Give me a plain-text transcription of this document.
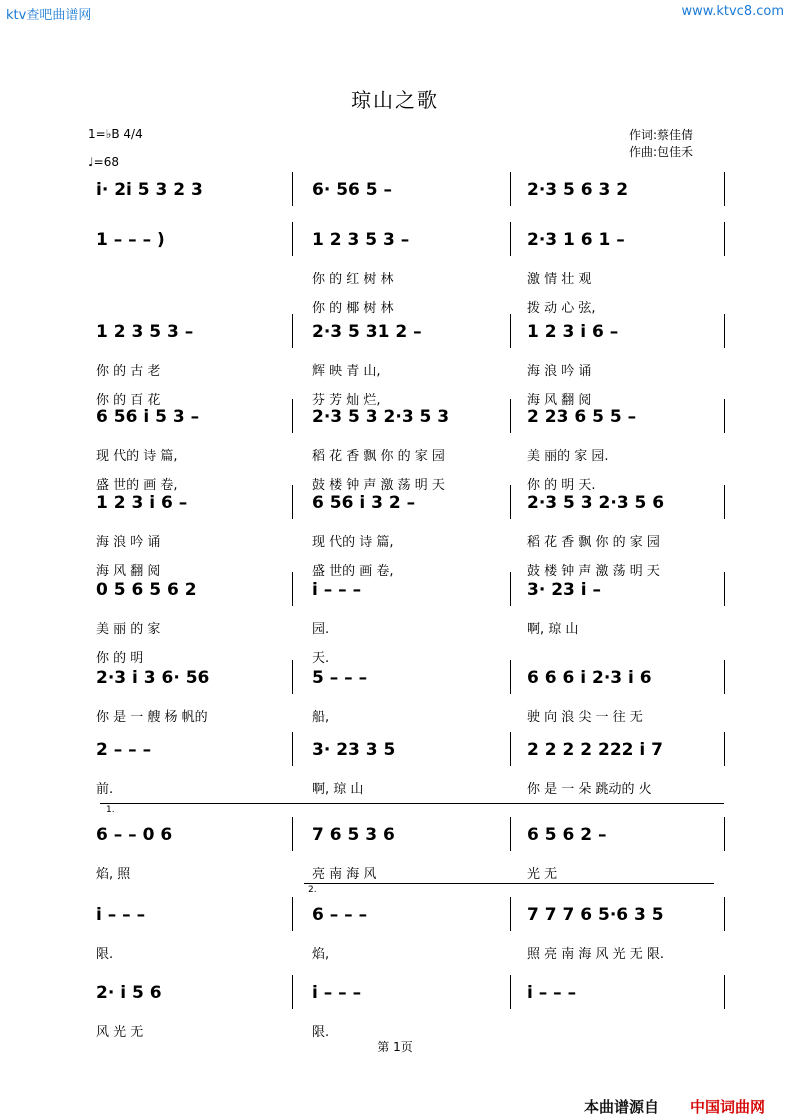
ktv查吧曲谱网	www.ktvc8.com
琼山之歌
1=♭B 4/4
♩=68
作词:蔡佳倩
作曲:包佳禾
i· 2i 5 3 2 3	6· 56 5 –	2·3 5 6 3 2
1 – – – )	1 2 3 5 3 –	2·3 1 6 1 –
你 的 红 树 林	激 情 壮 观
你 的 椰 树 林	拨 动 心 弦,
1 2 3 5 3 –	2·3 5 31 2 –	1 2 3 i 6 –
你 的 古 老	辉 映 青 山,	海 浪 吟 诵
你 的 百 花	芬 芳 灿 烂,	海 风 翻 阅
6 56 i 5 3 –	2·3 5 3 2·3 5 3	2 23 6 5 5 –
现 代的 诗 篇,	稻 花 香 飘 你 的 家 园	美 丽的 家 园.
盛 世的 画 卷,	鼓 楼 钟 声 激 荡 明 天	你 的 明 天.
1 2 3 i 6 –	6 56 i 3 2 –	2·3 5 3 2·3 5 6
海 浪 吟 诵	现 代的 诗 篇,	稻 花 香 飘 你 的 家 园
海 风 翻 阅	盛 世的 画 卷,	鼓 楼 钟 声 激 荡 明 天
0 5 6 5 6 2	i – – –	3· 23 i –
美 丽 的 家	园.	啊, 琼 山
你 的 明	天.
2·3 i 3 6· 56	5 – – –	6 6 6 i 2·3 i 6
你 是 一 艘 杨 帆的	船,	驶 向 浪 尖 一 往 无
2 – – –	3· 23 3 5	2 2 2 2 222 i 7
前.	啊, 琼 山	你 是 一 朵 跳动的 火
6 – – 0 6	7 6 5 3 6	6 5 6 2 –
焰, 照	亮 南 海 风	光 无
1.
i – – –	6 – – –	7 7 7 6 5·6 3 5
限.	焰,	照 亮 南 海 风 光 无 限.
2.
2· i 5 6	i – – –	i – – –
风 光 无	限.
第 1页
本曲谱源自 中国词曲网
